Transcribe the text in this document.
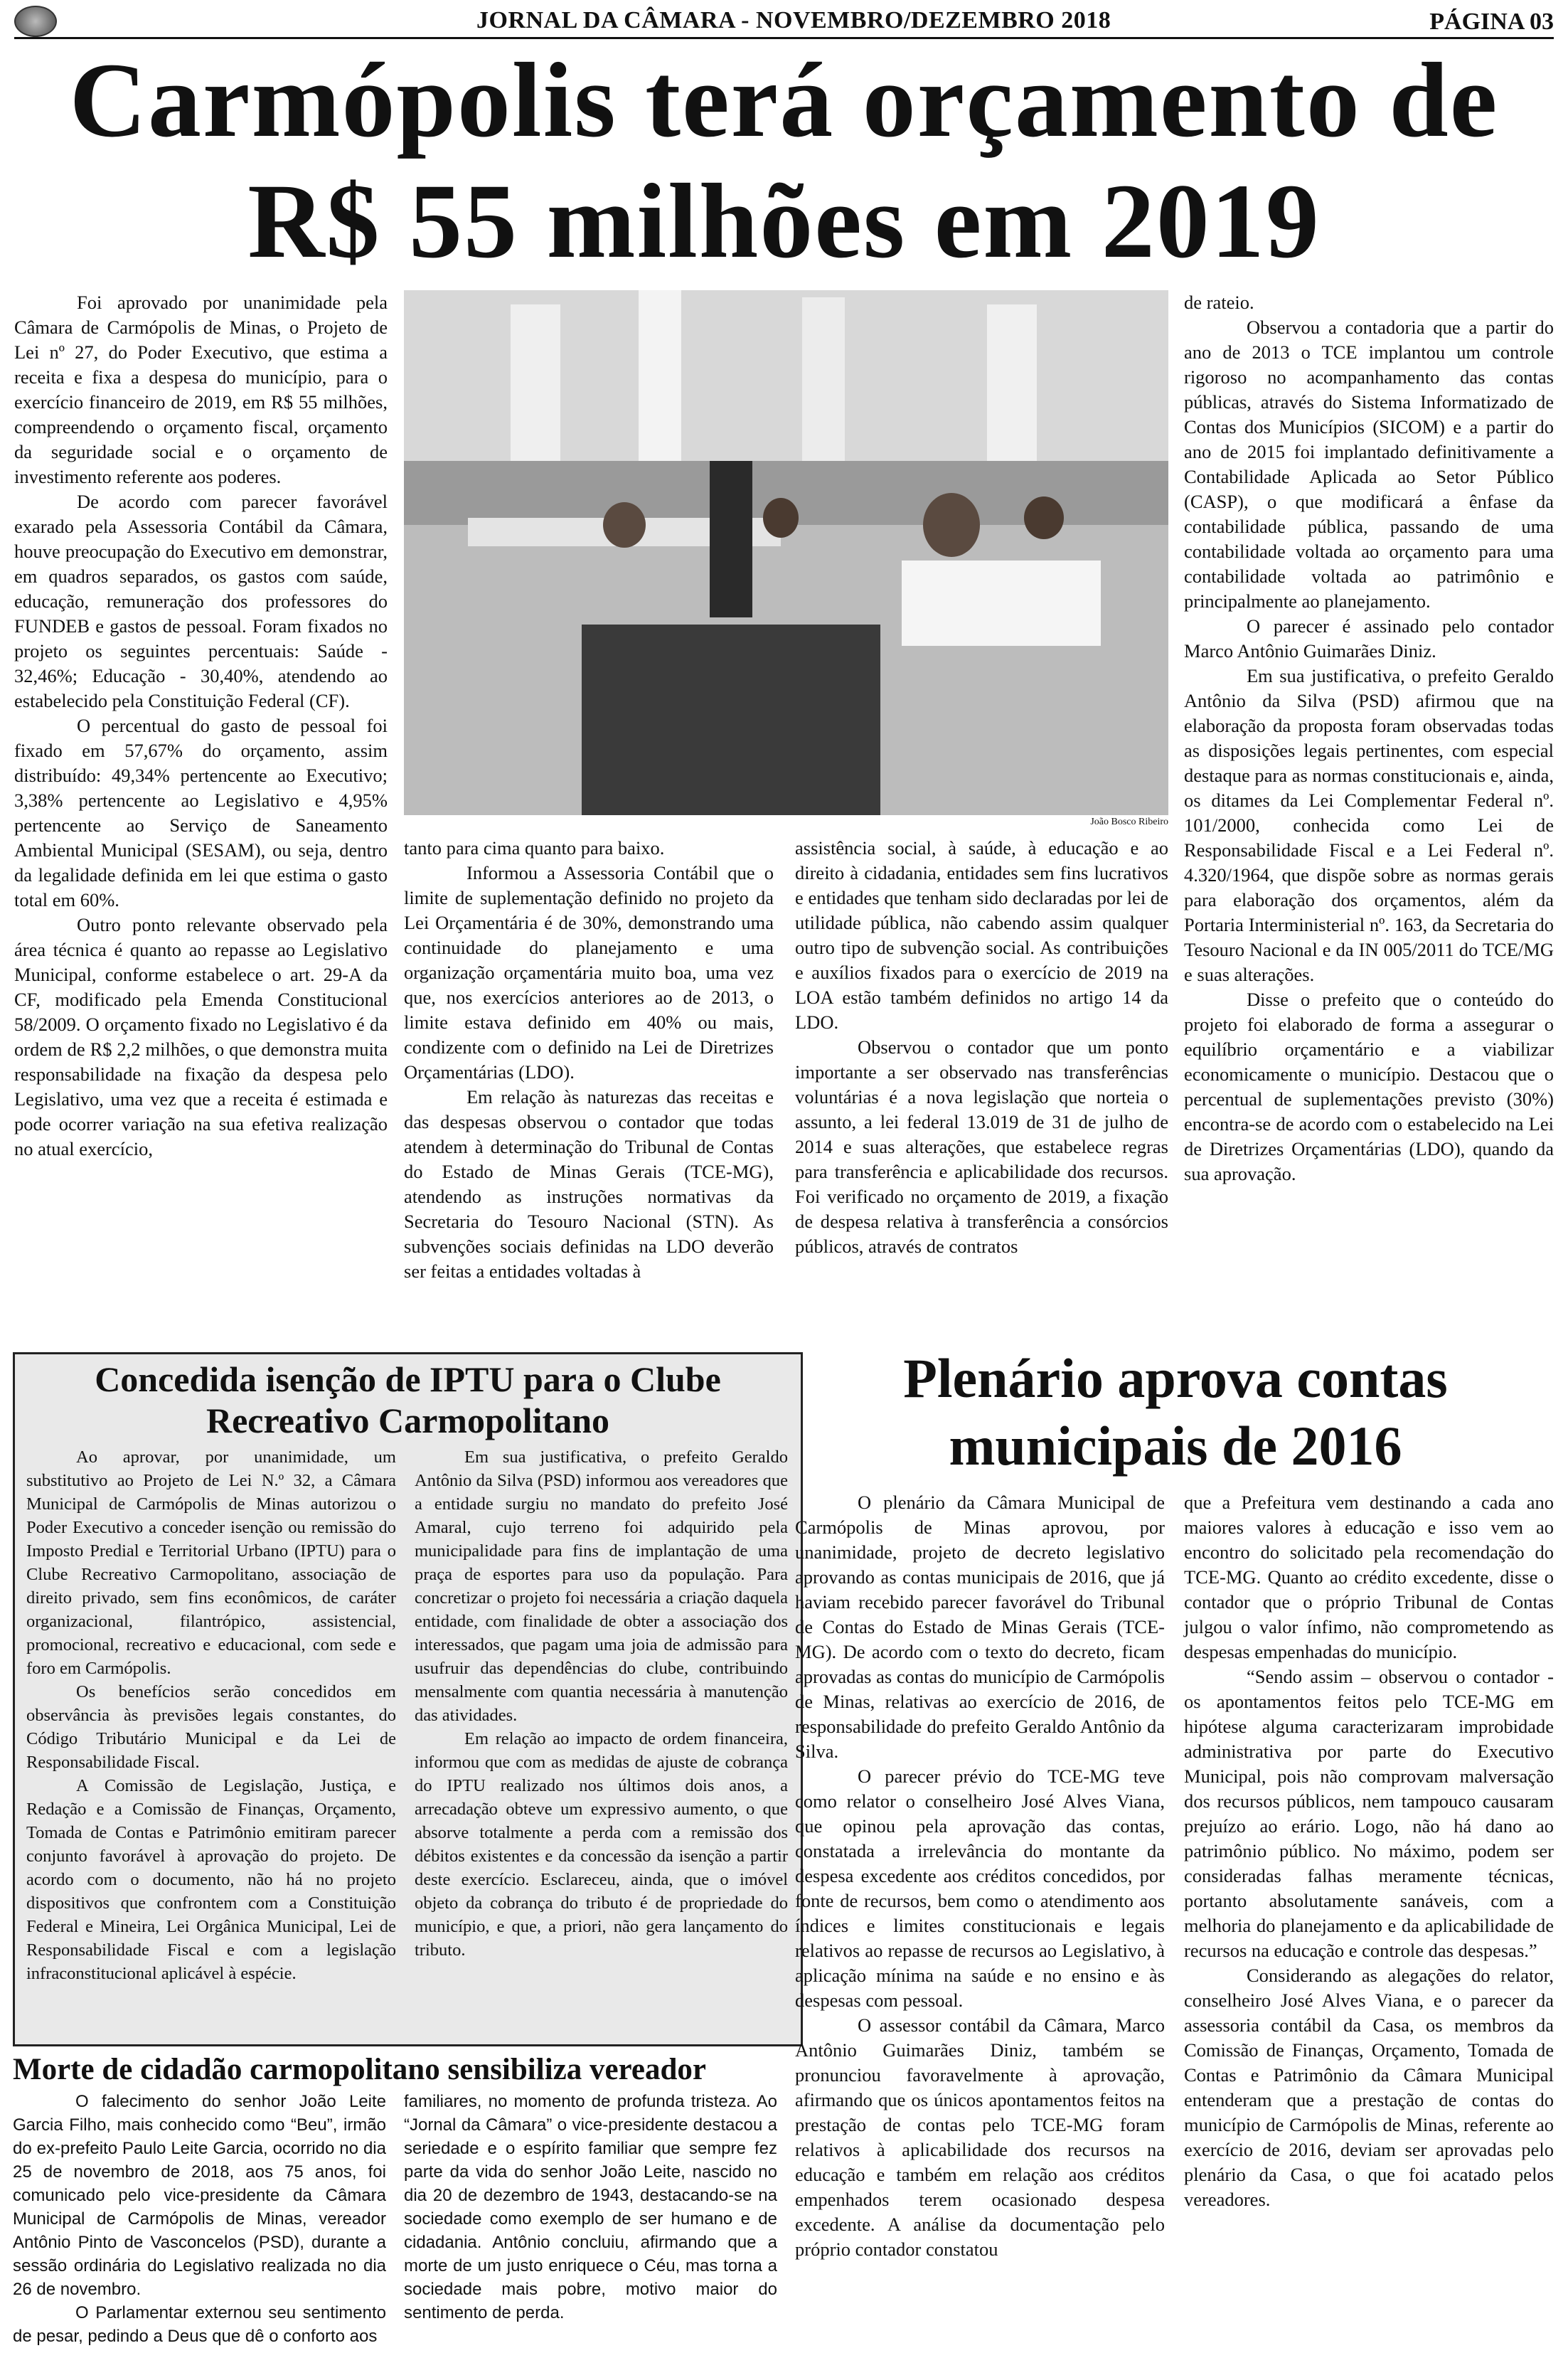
JORNAL DA CÂMARA - NOVEMBRO/DEZEMBRO 2018	PÁGINA 03
Carmópolis terá orçamento de R$ 55 milhões em 2019

Foi aprovado por unanimidade pela Câmara de Carmópolis de Minas, o Projeto de Lei nº 27, do Poder Executivo, que estima a receita e fixa a despesa do município, para o exercício financeiro de 2019, em R$ 55 milhões, compreendendo o orçamento fiscal, orçamento da seguridade social e o orçamento de investimento referente aos poderes.

De acordo com parecer favorável exarado pela Assessoria Contábil da Câmara, houve preocupação do Executivo em demonstrar, em quadros separados, os gastos com saúde, educação, remuneração dos professores do FUNDEB e gastos de pessoal. Foram fixados no projeto os seguintes percentuais: Saúde - 32,46%; Educação - 30,40%, atendendo ao estabelecido pela Constituição Federal (CF).

O percentual do gasto de pessoal foi fixado em 57,67% do orçamento, assim distribuído: 49,34% pertencente ao Executivo; 3,38% pertencente ao Legislativo e 4,95% pertencente ao Serviço de Saneamento Ambiental Municipal (SESAM), ou seja, dentro da legalidade definida em lei que estima o gasto total em 60%.

Outro ponto relevante observado pela área técnica é quanto ao repasse ao Legislativo Municipal, conforme estabelece o art. 29-A da CF, modificado pela Emenda Constitucional 58/2009. O orçamento fixado no Legislativo é da ordem de R$ 2,2 milhões, o que demonstra muita responsabilidade na fixação da despesa pelo Legislativo, uma vez que a receita é estimada e pode ocorrer variação na sua efetiva realização no atual exercício,

João Bosco Ribeiro

tanto para cima quanto para baixo.

Informou a Assessoria Contábil que o limite de suplementação definido no projeto da Lei Orçamentária é de 30%, demonstrando uma continuidade do planejamento e uma organização orçamentária muito boa, uma vez que, nos exercícios anteriores ao de 2013, o limite estava definido em 40% ou mais, condizente com o definido na Lei de Diretrizes Orçamentárias (LDO).

Em relação às naturezas das receitas e das despesas observou o contador que todas atendem à determinação do Tribunal de Contas do Estado de Minas Gerais (TCE-MG), atendendo as instruções normativas da Secretaria do Tesouro Nacional (STN). As subvenções sociais definidas na LDO deverão ser feitas a entidades voltadas à

assistência social, à saúde, à educação e ao direito à cidadania, entidades sem fins lucrativos e entidades que tenham sido declaradas por lei de utilidade pública, não cabendo assim qualquer outro tipo de subvenção social. As contribuições e auxílios fixados para o exercício de 2019 na LOA estão também definidos no artigo 14 da LDO.

Observou o contador que um ponto importante a ser observado nas transferências voluntárias é a nova legislação que norteia o assunto, a lei federal 13.019 de 31 de julho de 2014 e suas alterações, que estabelece regras para transferência e aplicabilidade dos recursos. Foi verificado no orçamento de 2019, a fixação de despesa relativa à transferência a consórcios públicos, através de contratos

de rateio.

Observou a contadoria que a partir do ano de 2013 o TCE implantou um controle rigoroso no acompanhamento das contas públicas, através do Sistema Informatizado de Contas dos Municípios (SICOM) e a partir do ano de 2015 foi implantado definitivamente a Contabilidade Aplicada ao Setor Público (CASP), o que modificará a ênfase da contabilidade pública, passando de uma contabilidade voltada ao orçamento para uma contabilidade voltada ao patrimônio e principalmente ao planejamento.

O parecer é assinado pelo contador Marco Antônio Guimarães Diniz.

Em sua justificativa, o prefeito Geraldo Antônio da Silva (PSD) afirmou que na elaboração da proposta foram observadas todas as disposições legais pertinentes, com especial destaque para as normas constitucionais e, ainda, os ditames da Lei Complementar Federal nº. 101/2000, conhecida como Lei de Responsabilidade Fiscal e a Lei Federal nº. 4.320/1964, que dispõe sobre as normas gerais para elaboração dos orçamentos, além da Portaria Interministerial nº. 163, da Secretaria do Tesouro Nacional e da IN 005/2011 do TCE/MG e suas alterações.

Disse o prefeito que o conteúdo do projeto foi elaborado de forma a assegurar o equilíbrio orçamentário e a viabilizar economicamente o município. Destacou que o percentual de suplementações previsto (30%) encontra-se de acordo com o estabelecido na Lei de Diretrizes Orçamentárias (LDO), quando da sua aprovação.

Concedida isenção de IPTU para o Clube Recreativo Carmopolitano

Ao aprovar, por unanimidade, um substitutivo ao Projeto de Lei N.º 32, a Câmara Municipal de Carmópolis de Minas autorizou o Poder Executivo a conceder isenção ou remissão do Imposto Predial e Territorial Urbano (IPTU) para o Clube Recreativo Carmopolitano, associação de direito privado, sem fins econômicos, de caráter organizacional, filantrópico, assistencial, promocional, recreativo e educacional, com sede e foro em Carmópolis.

Os benefícios serão concedidos em observância às previsões legais constantes, do Código Tributário Municipal e da Lei de Responsabilidade Fiscal.

A Comissão de Legislação, Justiça, e Redação e a Comissão de Finanças, Orçamento, Tomada de Contas e Patrimônio emitiram parecer conjunto favorável à aprovação do projeto. De acordo com o documento, não há no projeto dispositivos que confrontem com a Constituição Federal e Mineira, Lei Orgânica Municipal, Lei de Responsabilidade Fiscal e com a legislação infraconstitucional aplicável à espécie.

Em sua justificativa, o prefeito Geraldo Antônio da Silva (PSD) informou aos vereadores que a entidade surgiu no mandato do prefeito José Amaral, cujo terreno foi adquirido pela municipalidade para fins de implantação de uma praça de esportes para uso da população. Para concretizar o projeto foi necessária a criação daquela entidade, com finalidade de obter a associação dos interessados, que pagam uma joia de admissão para usufruir das dependências do clube, contribuindo mensalmente com quantia necessária à manutenção das atividades.

Em relação ao impacto de ordem financeira, informou que com as medidas de ajuste de cobrança do IPTU realizado nos últimos dois anos, a arrecadação obteve um expressivo aumento, o que absorve totalmente a perda com a remissão dos débitos existentes e da concessão da isenção a partir deste exercício. Esclareceu, ainda, que o imóvel objeto da cobrança do tributo é de propriedade do município, e que, a priori, não gera lançamento do tributo.

Plenário aprova contas municipais de 2016

O plenário da Câmara Municipal de Carmópolis de Minas aprovou, por unanimidade, projeto de decreto legislativo aprovando as contas municipais de 2016, que já haviam recebido parecer favorável do Tribunal de Contas do Estado de Minas Gerais (TCE-MG). De acordo com o texto do decreto, ficam aprovadas as contas do município de Carmópolis de Minas, relativas ao exercício de 2016, de responsabilidade do prefeito Geraldo Antônio da Silva.

O parecer prévio do TCE-MG teve como relator o conselheiro José Alves Viana, que opinou pela aprovação das contas, constatada a irrelevância do montante da despesa excedente aos créditos concedidos, por fonte de recursos, bem como o atendimento aos índices e limites constitucionais e legais relativos ao repasse de recursos ao Legislativo, à aplicação mínima na saúde e no ensino e às despesas com pessoal.

O assessor contábil da Câmara, Marco Antônio Guimarães Diniz, também se pronunciou favoravelmente à aprovação, afirmando que os únicos apontamentos feitos na prestação de contas pelo TCE-MG foram relativos à aplicabilidade dos recursos na educação e também em relação aos créditos empenhados terem ocasionado despesa excedente. A análise da documentação pelo próprio contador constatou

que a Prefeitura vem destinando a cada ano maiores valores à educação e isso vem ao encontro do solicitado pela recomendação do TCE-MG. Quanto ao crédito excedente, disse o contador que o próprio Tribunal de Contas julgou o valor ínfimo, não comprometendo as despesas empenhadas do município.

“Sendo assim – observou o contador - os apontamentos feitos pelo TCE-MG em hipótese alguma caracterizaram improbidade administrativa por parte do Executivo Municipal, pois não comprovam malversação dos recursos públicos, nem tampouco causaram prejuízo ao erário. Logo, não há dano ao patrimônio público. No máximo, podem ser consideradas falhas meramente técnicas, portanto absolutamente sanáveis, com a melhoria do planejamento e da aplicabilidade de recursos na educação e controle das despesas.”

Considerando as alegações do relator, conselheiro José Alves Viana, e o parecer da assessoria contábil da Casa, os membros da Comissão de Finanças, Orçamento, Tomada de Contas e Patrimônio da Câmara Municipal entenderam que a prestação de contas do município de Carmópolis de Minas, referente ao exercício de 2016, deviam ser aprovadas pelo plenário da Casa, o que foi acatado pelos vereadores.

Morte de cidadão carmopolitano sensibiliza vereador

O falecimento do senhor João Leite Garcia Filho, mais conhecido como “Beu”, irmão do ex-prefeito Paulo Leite Garcia, ocorrido no dia 25 de novembro de 2018, aos 75 anos, foi comunicado pelo vice-presidente da Câmara Municipal de Carmópolis de Minas, vereador Antônio Pinto de Vasconcelos (PSD), durante a sessão ordinária do Legislativo realizada no dia 26 de novembro.

O Parlamentar externou seu sentimento de pesar, pedindo a Deus que dê o conforto aos

familiares, no momento de profunda tristeza. Ao “Jornal da Câmara” o vice-presidente destacou a seriedade e o espírito familiar que sempre fez parte da vida do senhor João Leite, nascido no dia 20 de dezembro de 1943, destacando-se na sociedade como exemplo de ser humano e de cidadania. Antônio concluiu, afirmando que a morte de um justo enriquece o Céu, mas torna a sociedade mais pobre, motivo maior do sentimento de perda.
